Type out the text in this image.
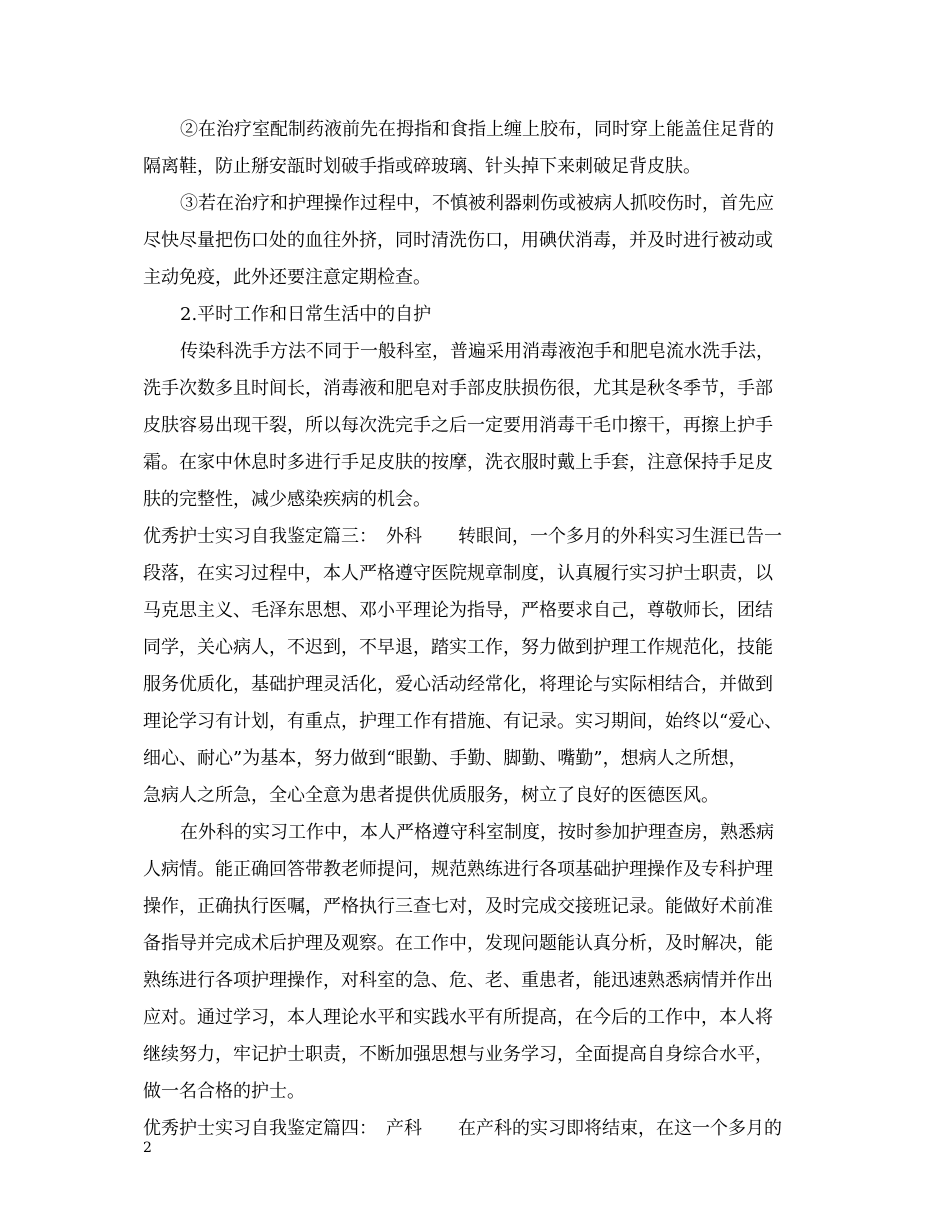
②在治疗室配制药液前先在拇指和食指上缠上胶布，同时穿上能盖住足背的
隔离鞋，防止掰安瓿时划破手指或碎玻璃、针头掉下来刺破足背皮肤。
③若在治疗和护理操作过程中，不慎被利器刺伤或被病人抓咬伤时，首先应
尽快尽量把伤口处的血往外挤，同时清洗伤口，用碘伏消毒，并及时进行被动或
主动免疫，此外还要注意定期检查。
2.平时工作和日常生活中的自护
传染科洗手方法不同于一般科室，普遍采用消毒液泡手和肥皂流水洗手法，
洗手次数多且时间长，消毒液和肥皂对手部皮肤损伤很，尤其是秋冬季节，手部
皮肤容易出现干裂，所以每次洗完手之后一定要用消毒干毛巾擦干，再擦上护手
霜。在家中休息时多进行手足皮肤的按摩，洗衣服时戴上手套，注意保持手足皮
肤的完整性，减少感染疾病的机会。
优秀护士实习自我鉴定篇三：　外科　　转眼间，一个多月的外科实习生涯已告一
段落，在实习过程中，本人严格遵守医院规章制度，认真履行实习护士职责，以
马克思主义、毛泽东思想、邓小平理论为指导，严格要求自己，尊敬师长，团结
同学，关心病人，不迟到，不早退，踏实工作，努力做到护理工作规范化，技能
服务优质化，基础护理灵活化，爱心活动经常化，将理论与实际相结合，并做到
理论学习有计划，有重点，护理工作有措施、有记录。实习期间，始终以“爱心、
细心、耐心”为基本，努力做到“眼勤、手勤、脚勤、嘴勤”，想病人之所想，
急病人之所急，全心全意为患者提供优质服务，树立了良好的医德医风。
在外科的实习工作中，本人严格遵守科室制度，按时参加护理查房，熟悉病
人病情。能正确回答带教老师提问，规范熟练进行各项基础护理操作及专科护理
操作，正确执行医嘱，严格执行三查七对，及时完成交接班记录。能做好术前准
备指导并完成术后护理及观察。在工作中，发现问题能认真分析，及时解决，能
熟练进行各项护理操作，对科室的急、危、老、重患者，能迅速熟悉病情并作出
应对。通过学习，本人理论水平和实践水平有所提高，在今后的工作中，本人将
继续努力，牢记护士职责，不断加强思想与业务学习，全面提高自身综合水平，
做一名合格的护士。
优秀护士实习自我鉴定篇四：　产科　　在产科的实习即将结束，在这一个多月的
2
